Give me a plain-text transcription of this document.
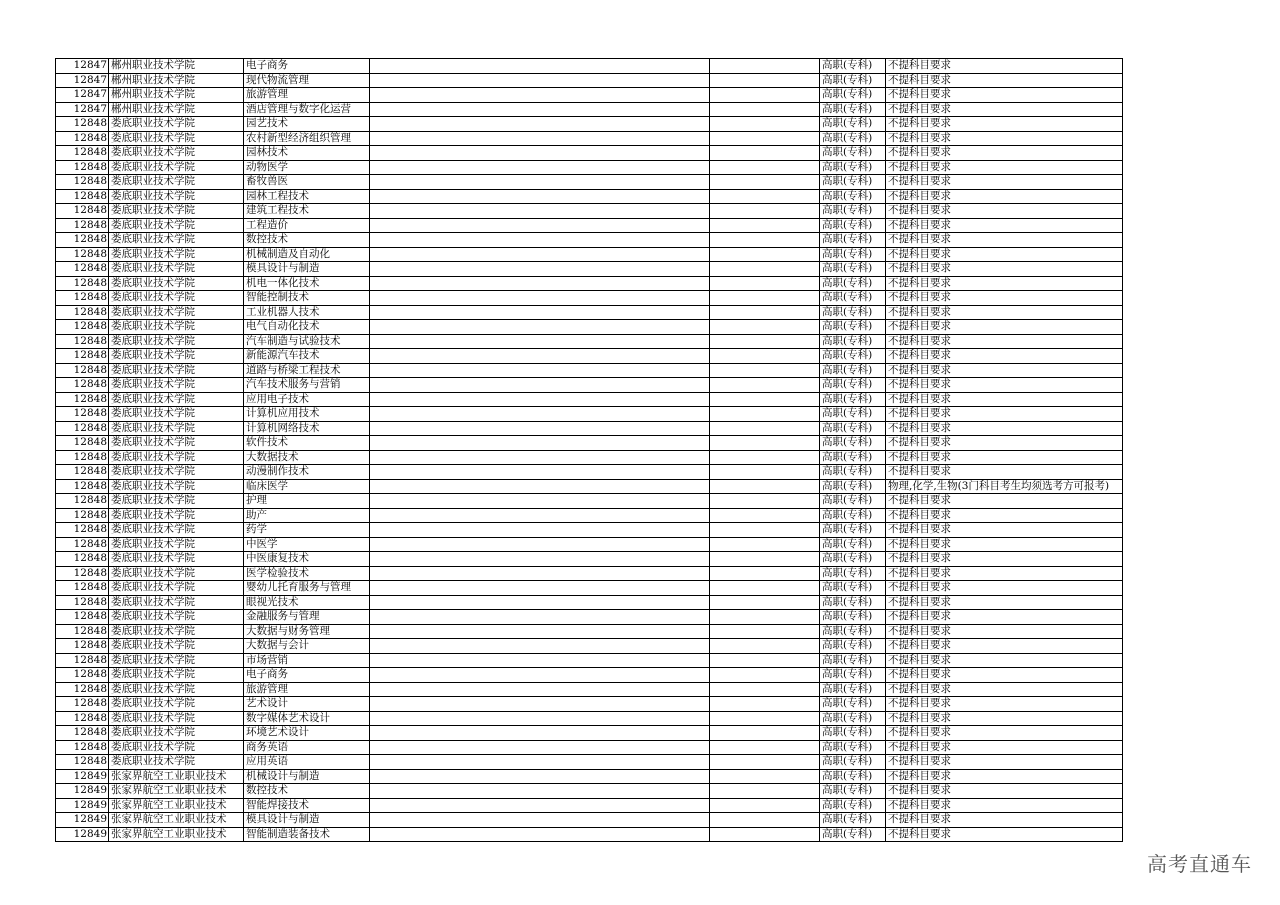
12847	郴州职业技术学院	电子商务			高职(专科)	不提科目要求
12847	郴州职业技术学院	现代物流管理			高职(专科)	不提科目要求
12847	郴州职业技术学院	旅游管理			高职(专科)	不提科目要求
12847	郴州职业技术学院	酒店管理与数字化运营			高职(专科)	不提科目要求
12848	娄底职业技术学院	园艺技术			高职(专科)	不提科目要求
12848	娄底职业技术学院	农村新型经济组织管理			高职(专科)	不提科目要求
12848	娄底职业技术学院	园林技术			高职(专科)	不提科目要求
12848	娄底职业技术学院	动物医学			高职(专科)	不提科目要求
12848	娄底职业技术学院	畜牧兽医			高职(专科)	不提科目要求
12848	娄底职业技术学院	园林工程技术			高职(专科)	不提科目要求
12848	娄底职业技术学院	建筑工程技术			高职(专科)	不提科目要求
12848	娄底职业技术学院	工程造价			高职(专科)	不提科目要求
12848	娄底职业技术学院	数控技术			高职(专科)	不提科目要求
12848	娄底职业技术学院	机械制造及自动化			高职(专科)	不提科目要求
12848	娄底职业技术学院	模具设计与制造			高职(专科)	不提科目要求
12848	娄底职业技术学院	机电一体化技术			高职(专科)	不提科目要求
12848	娄底职业技术学院	智能控制技术			高职(专科)	不提科目要求
12848	娄底职业技术学院	工业机器人技术			高职(专科)	不提科目要求
12848	娄底职业技术学院	电气自动化技术			高职(专科)	不提科目要求
12848	娄底职业技术学院	汽车制造与试验技术			高职(专科)	不提科目要求
12848	娄底职业技术学院	新能源汽车技术			高职(专科)	不提科目要求
12848	娄底职业技术学院	道路与桥梁工程技术			高职(专科)	不提科目要求
12848	娄底职业技术学院	汽车技术服务与营销			高职(专科)	不提科目要求
12848	娄底职业技术学院	应用电子技术			高职(专科)	不提科目要求
12848	娄底职业技术学院	计算机应用技术			高职(专科)	不提科目要求
12848	娄底职业技术学院	计算机网络技术			高职(专科)	不提科目要求
12848	娄底职业技术学院	软件技术			高职(专科)	不提科目要求
12848	娄底职业技术学院	大数据技术			高职(专科)	不提科目要求
12848	娄底职业技术学院	动漫制作技术			高职(专科)	不提科目要求
12848	娄底职业技术学院	临床医学			高职(专科)	物理,化学,生物(3门科目考生均须选考方可报考)
12848	娄底职业技术学院	护理			高职(专科)	不提科目要求
12848	娄底职业技术学院	助产			高职(专科)	不提科目要求
12848	娄底职业技术学院	药学			高职(专科)	不提科目要求
12848	娄底职业技术学院	中医学			高职(专科)	不提科目要求
12848	娄底职业技术学院	中医康复技术			高职(专科)	不提科目要求
12848	娄底职业技术学院	医学检验技术			高职(专科)	不提科目要求
12848	娄底职业技术学院	婴幼儿托育服务与管理			高职(专科)	不提科目要求
12848	娄底职业技术学院	眼视光技术			高职(专科)	不提科目要求
12848	娄底职业技术学院	金融服务与管理			高职(专科)	不提科目要求
12848	娄底职业技术学院	大数据与财务管理			高职(专科)	不提科目要求
12848	娄底职业技术学院	大数据与会计			高职(专科)	不提科目要求
12848	娄底职业技术学院	市场营销			高职(专科)	不提科目要求
12848	娄底职业技术学院	电子商务			高职(专科)	不提科目要求
12848	娄底职业技术学院	旅游管理			高职(专科)	不提科目要求
12848	娄底职业技术学院	艺术设计			高职(专科)	不提科目要求
12848	娄底职业技术学院	数字媒体艺术设计			高职(专科)	不提科目要求
12848	娄底职业技术学院	环境艺术设计			高职(专科)	不提科目要求
12848	娄底职业技术学院	商务英语			高职(专科)	不提科目要求
12848	娄底职业技术学院	应用英语			高职(专科)	不提科目要求
12849	张家界航空工业职业技术	机械设计与制造			高职(专科)	不提科目要求
12849	张家界航空工业职业技术	数控技术			高职(专科)	不提科目要求
12849	张家界航空工业职业技术	智能焊接技术			高职(专科)	不提科目要求
12849	张家界航空工业职业技术	模具设计与制造			高职(专科)	不提科目要求
12849	张家界航空工业职业技术	智能制造装备技术			高职(专科)	不提科目要求
高考直通车
